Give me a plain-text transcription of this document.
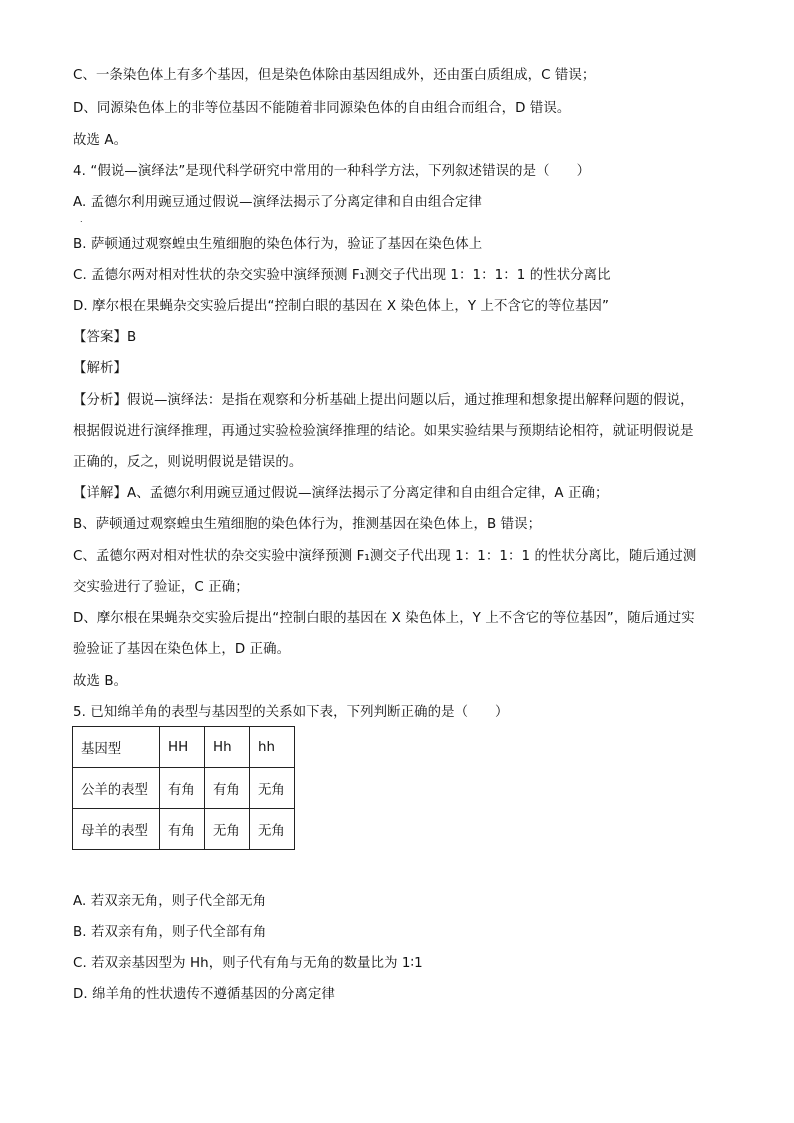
C、一条染色体上有多个基因，但是染色体除由基因组成外，还由蛋白质组成，C 错误；
D、同源染色体上的非等位基因不能随着非同源染色体的自由组合而组合，D 错误。
故选 A。
4. “假说—演绎法”是现代科学研究中常用的一种科学方法，下列叙述错误的是（　　）
A. 孟德尔利用豌豆通过假说—演绎法揭示了分离定律和自由组合定律
.
B. 萨顿通过观察蝗虫生殖细胞的染色体行为，验证了基因在染色体上
C. 孟德尔两对相对性状的杂交实验中演绎预测 F₁测交子代出现 1：1：1：1 的性状分离比
D. 摩尔根在果蝇杂交实验后提出“控制白眼的基因在 X 染色体上，Y 上不含它的等位基因”
【答案】B
【解析】
【分析】假说—演绎法：是指在观察和分析基础上提出问题以后，通过推理和想象提出解释问题的假说，
根据假说进行演绎推理，再通过实验检验演绎推理的结论。如果实验结果与预期结论相符，就证明假说是
正确的，反之，则说明假说是错误的。
【详解】A、孟德尔利用豌豆通过假说—演绎法揭示了分离定律和自由组合定律，A 正确；
B、萨顿通过观察蝗虫生殖细胞的染色体行为，推测基因在染色体上，B 错误；
C、孟德尔两对相对性状的杂交实验中演绎预测 F₁测交子代出现 1：1：1：1 的性状分离比，随后通过测
交实验进行了验证，C 正确；
D、摩尔根在果蝇杂交实验后提出“控制白眼的基因在 X 染色体上，Y 上不含它的等位基因”，随后通过实
验验证了基因在染色体上，D 正确。
故选 B。
5. 已知绵羊角的表型与基因型的关系如下表，下列判断正确的是（　　）
基因型	HH	Hh	hh
公羊的表型	有角	有角	无角
母羊的表型	有角	无角	无角
A. 若双亲无角，则子代全部无角
B. 若双亲有角，则子代全部有角
C. 若双亲基因型为 Hh，则子代有角与无角的数量比为 1∶1
D. 绵羊角的性状遗传不遵循基因的分离定律
